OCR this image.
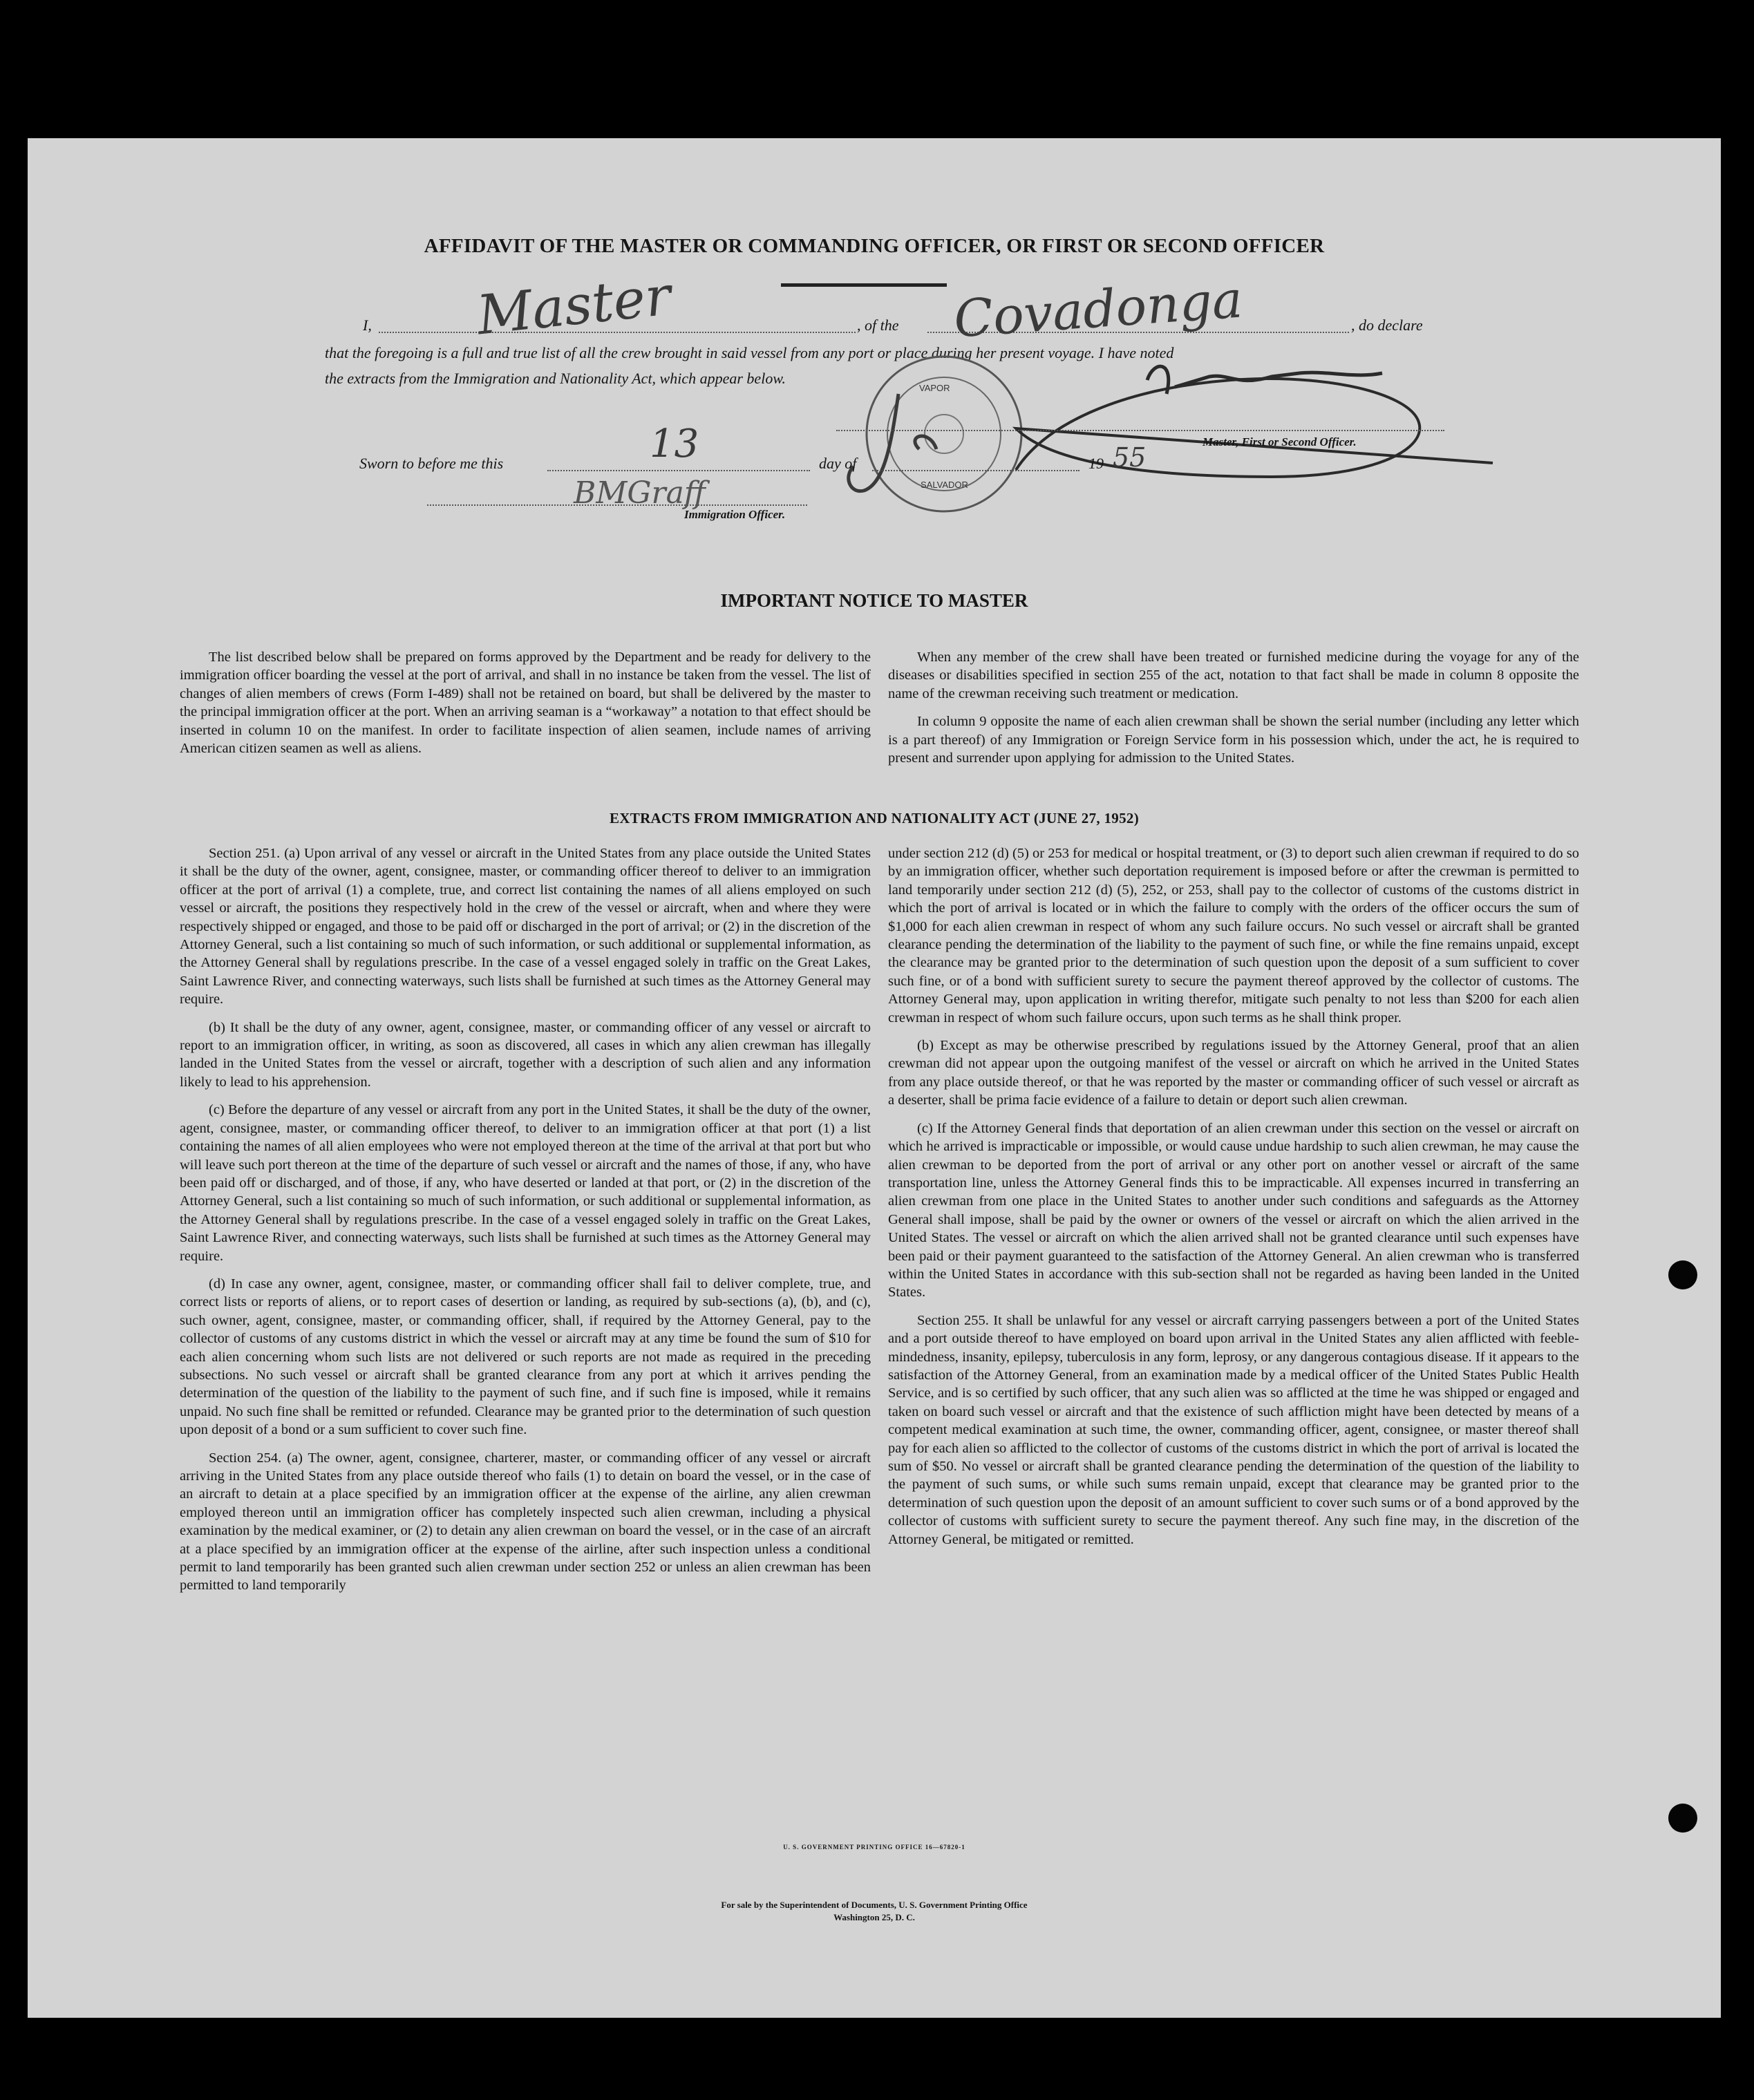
AFFIDAVIT OF THE MASTER OR COMMANDING OFFICER, OR FIRST OR SECOND OFFICER
I, Master	, of the Covadonga	, do declare
that the foregoing is a full and true list of all the crew brought in said vessel from any port or place during her present voyage. I have noted
the extracts from the Immigration and Nationality Act, which appear below.
VAPOR
SALVADOR
Master, First or Second Officer.
Sworn to before me this	13	day of	19 55
BMGraff
Immigration Officer.
IMPORTANT NOTICE TO MASTER

The list described below shall be prepared on forms approved by the Department and be ready for delivery to the immigration officer boarding the vessel at the port of arrival, and shall in no instance be taken from the vessel. The list of changes of alien members of crews (Form I-489) shall not be retained on board, but shall be delivered by the master to the principal immigration officer at the port. When an arriving seaman is a “workaway” a notation to that effect should be inserted in column 10 on the manifest. In order to facilitate inspection of alien seamen, include names of arriving American citizen seamen as well as aliens.

When any member of the crew shall have been treated or furnished medicine during the voyage for any of the diseases or disabilities specified in section 255 of the act, notation to that fact shall be made in column 8 opposite the name of the crewman receiving such treatment or medication.

In column 9 opposite the name of each alien crewman shall be shown the serial number (including any letter which is a part thereof) of any Immigration or Foreign Service form in his possession which, under the act, he is required to present and surrender upon applying for admission to the United States.

EXTRACTS FROM IMMIGRATION AND NATIONALITY ACT (JUNE 27, 1952)

Section 251. (a) Upon arrival of any vessel or aircraft in the United States from any place outside the United States it shall be the duty of the owner, agent, consignee, master, or commanding officer thereof to deliver to an immigration officer at the port of arrival (1) a complete, true, and correct list containing the names of all aliens employed on such vessel or aircraft, the positions they respectively hold in the crew of the vessel or aircraft, when and where they were respectively shipped or engaged, and those to be paid off or discharged in the port of arrival; or (2) in the discretion of the Attorney General, such a list containing so much of such information, or such additional or supplemental information, as the Attorney General shall by regulations prescribe. In the case of a vessel engaged solely in traffic on the Great Lakes, Saint Lawrence River, and connecting waterways, such lists shall be furnished at such times as the Attorney General may require.

(b) It shall be the duty of any owner, agent, consignee, master, or commanding officer of any vessel or aircraft to report to an immigration officer, in writing, as soon as discovered, all cases in which any alien crewman has illegally landed in the United States from the vessel or aircraft, together with a description of such alien and any information likely to lead to his apprehension.

(c) Before the departure of any vessel or aircraft from any port in the United States, it shall be the duty of the owner, agent, consignee, master, or commanding officer thereof, to deliver to an immigration officer at that port (1) a list containing the names of all alien employees who were not employed thereon at the time of the arrival at that port but who will leave such port thereon at the time of the departure of such vessel or aircraft and the names of those, if any, who have been paid off or discharged, and of those, if any, who have deserted or landed at that port, or (2) in the discretion of the Attorney General, such a list containing so much of such information, or such additional or supplemental information, as the Attorney General shall by regulations prescribe. In the case of a vessel engaged solely in traffic on the Great Lakes, Saint Lawrence River, and connecting waterways, such lists shall be furnished at such times as the Attorney General may require.

(d) In case any owner, agent, consignee, master, or commanding officer shall fail to deliver complete, true, and correct lists or reports of aliens, or to report cases of desertion or landing, as required by sub-sections (a), (b), and (c), such owner, agent, consignee, master, or commanding officer, shall, if required by the Attorney General, pay to the collector of customs of any customs district in which the vessel or aircraft may at any time be found the sum of $10 for each alien concerning whom such lists are not delivered or such reports are not made as required in the preceding subsections. No such vessel or aircraft shall be granted clearance from any port at which it arrives pending the determination of the question of the liability to the payment of such fine, and if such fine is imposed, while it remains unpaid. No such fine shall be remitted or refunded. Clearance may be granted prior to the determination of such question upon deposit of a bond or a sum sufficient to cover such fine.

Section 254. (a) The owner, agent, consignee, charterer, master, or commanding officer of any vessel or aircraft arriving in the United States from any place outside thereof who fails (1) to detain on board the vessel, or in the case of an aircraft to detain at a place specified by an immigration officer at the expense of the airline, any alien crewman employed thereon until an immigration officer has completely inspected such alien crewman, including a physical examination by the medical examiner, or (2) to detain any alien crewman on board the vessel, or in the case of an aircraft at a place specified by an immigration officer at the expense of the airline, after such inspection unless a conditional permit to land temporarily has been granted such alien crewman under section 252 or unless an alien crewman has been permitted to land temporarily

under section 212 (d) (5) or 253 for medical or hospital treatment, or (3) to deport such alien crewman if required to do so by an immigration officer, whether such deportation requirement is imposed before or after the crewman is permitted to land temporarily under section 212 (d) (5), 252, or 253, shall pay to the collector of customs of the customs district in which the port of arrival is located or in which the failure to comply with the orders of the officer occurs the sum of $1,000 for each alien crewman in respect of whom any such failure occurs. No such vessel or aircraft shall be granted clearance pending the determination of the liability to the payment of such fine, or while the fine remains unpaid, except the clearance may be granted prior to the determination of such question upon the deposit of a sum sufficient to cover such fine, or of a bond with sufficient surety to secure the payment thereof approved by the collector of customs. The Attorney General may, upon application in writing therefor, mitigate such penalty to not less than $200 for each alien crewman in respect of whom such failure occurs, upon such terms as he shall think proper.

(b) Except as may be otherwise prescribed by regulations issued by the Attorney General, proof that an alien crewman did not appear upon the outgoing manifest of the vessel or aircraft on which he arrived in the United States from any place outside thereof, or that he was reported by the master or commanding officer of such vessel or aircraft as a deserter, shall be prima facie evidence of a failure to detain or deport such alien crewman.

(c) If the Attorney General finds that deportation of an alien crewman under this section on the vessel or aircraft on which he arrived is impracticable or impossible, or would cause undue hardship to such alien crewman, he may cause the alien crewman to be deported from the port of arrival or any other port on another vessel or aircraft of the same transportation line, unless the Attorney General finds this to be impracticable. All expenses incurred in transferring an alien crewman from one place in the United States to another under such conditions and safeguards as the Attorney General shall impose, shall be paid by the owner or owners of the vessel or aircraft on which the alien arrived in the United States. The vessel or aircraft on which the alien arrived shall not be granted clearance until such expenses have been paid or their payment guaranteed to the satisfaction of the Attorney General. An alien crewman who is transferred within the United States in accordance with this sub-section shall not be regarded as having been landed in the United States.

Section 255. It shall be unlawful for any vessel or aircraft carrying passengers between a port of the United States and a port outside thereof to have employed on board upon arrival in the United States any alien afflicted with feeble-mindedness, insanity, epilepsy, tuberculosis in any form, leprosy, or any dangerous contagious disease. If it appears to the satisfaction of the Attorney General, from an examination made by a medical officer of the United States Public Health Service, and is so certified by such officer, that any such alien was so afflicted at the time he was shipped or engaged and taken on board such vessel or aircraft and that the existence of such affliction might have been detected by means of a competent medical examination at such time, the owner, commanding officer, agent, consignee, or master thereof shall pay for each alien so afflicted to the collector of customs of the customs district in which the port of arrival is located the sum of $50. No vessel or aircraft shall be granted clearance pending the determination of the question of the liability to the payment of such sums, or while such sums remain unpaid, except that clearance may be granted prior to the determination of such question upon the deposit of an amount sufficient to cover such sums or of a bond approved by the collector of customs with sufficient surety to secure the payment thereof. Any such fine may, in the discretion of the Attorney General, be mitigated or remitted.

U. S. GOVERNMENT PRINTING OFFICE 16—67820-1
For sale by the Superintendent of Documents, U. S. Government Printing Office
Washington 25, D. C.
